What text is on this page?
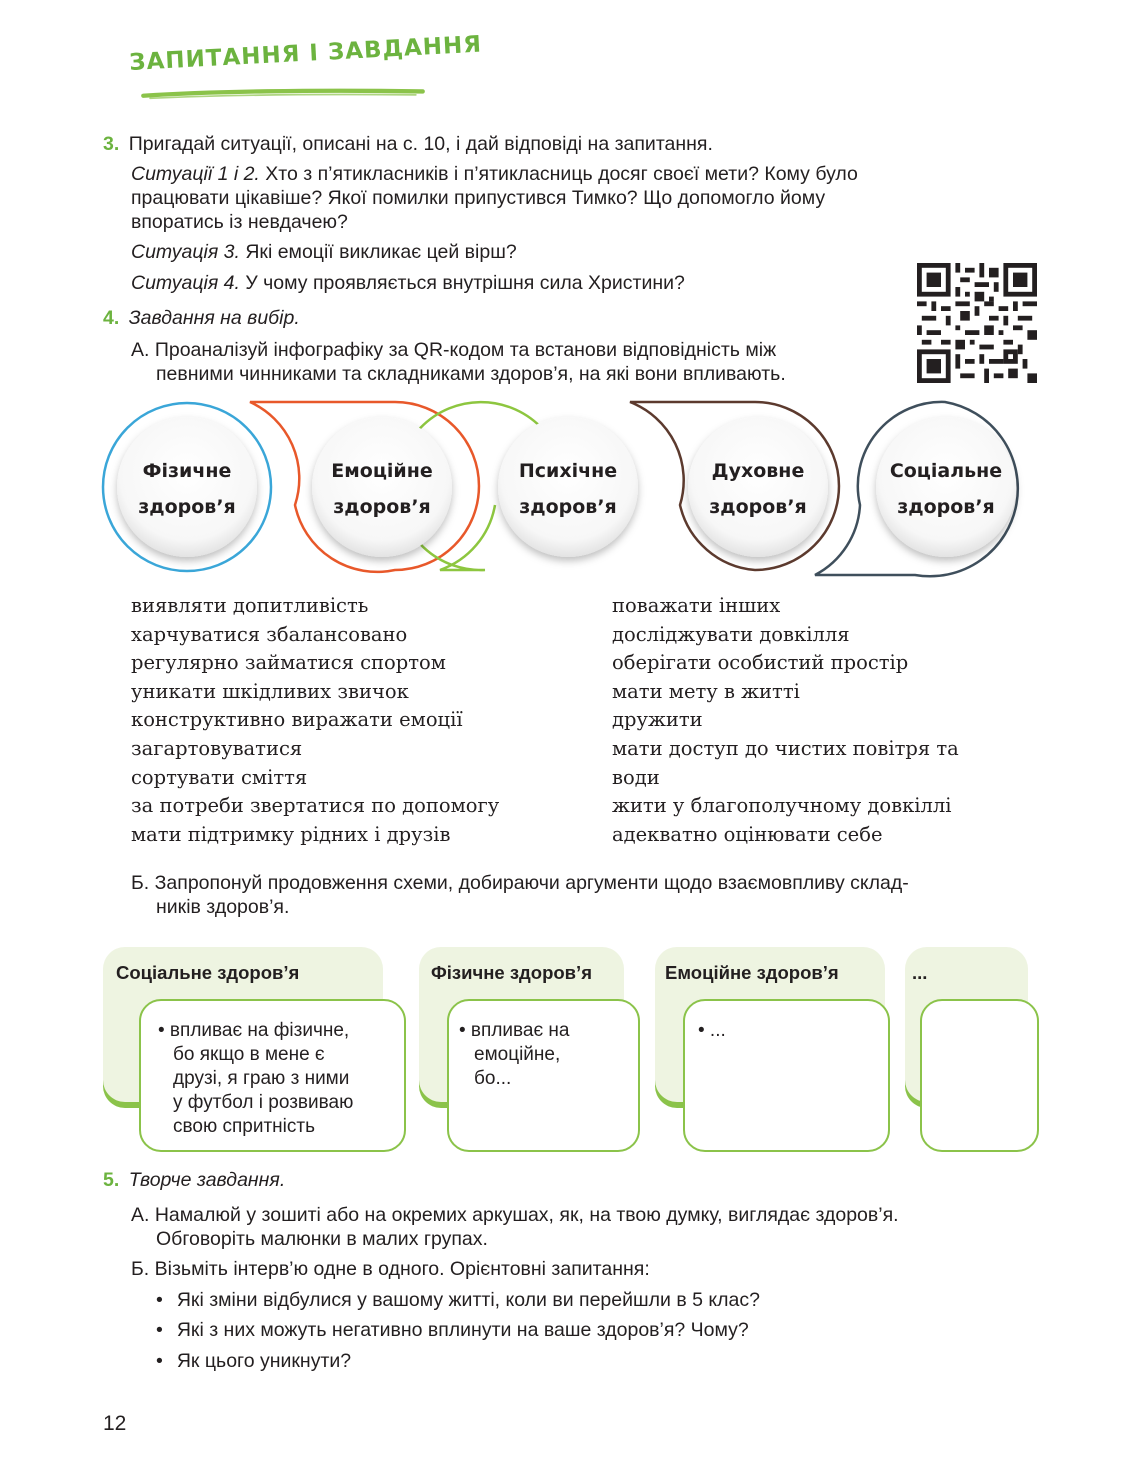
ЗАПИТАННЯ І ЗАВДАННЯ
3. Пригадай ситуації, описані на с. 10, і дай відповіді на запитання.
Ситуації 1 і 2. Хто з п’ятикласників і п’ятикласниць досяг своєї мети? Кому було
працювати цікавіше? Якої помилки припустився Тимко? Що допомогло йому
впоратись із невдачею?
Ситуація 3. Які емоції викликає цей вірш?
Ситуація 4. У чому проявляється внутрішня сила Христини?
4. Завдання на вибір.
А. Проаналізуй інфографіку за QR-кодом та встанови відповідність між
певними чинниками та складниками здоров’я, на які вони впливають.
Фізичне
здоров’я
Емоційне
здоров’я
Психічне
здоров’я
Духовне
здоров’я
Соціальне
здоров’я
виявляти допитливість
харчуватися збалансовано
регулярно займатися спортом
уникати шкідливих звичок
конструктивно виражати емоції
загартовуватися
сортувати сміття
за потреби звертатися по допомогу
мати підтримку рідних і друзів
поважати інших
досліджувати довкілля
оберігати особистий простір
мати мету в житті
дружити
мати доступ до чистих повітря та
води
жити у благополучному довкіллі
адекватно оцінювати себе
Б. Запропонуй продовження схеми, добираючи аргументи щодо взаємовпливу склад-
ників здоров’я.
Соціальне здоров’я
• впливає на фізичне,
бо якщо в мене є
друзі, я граю з ними
у футбол і розвиваю
свою спритність
Фізичне здоров’я
• впливає на
емоційне,
бо...
Емоційне здоров’я
• ...
...
5. Творче завдання.
А. Намалюй у зошиті або на окремих аркушах, як, на твою думку, виглядає здоров’я.
Обговоріть малюнки в малих групах.
Б. Візьміть інтерв’ю одне в одного. Орієнтовні запитання:
• Які зміни відбулися у вашому житті, коли ви перейшли в 5 клас?
• Які з них можуть негативно вплинути на ваше здоров’я? Чому?
• Як цього уникнути?
12
